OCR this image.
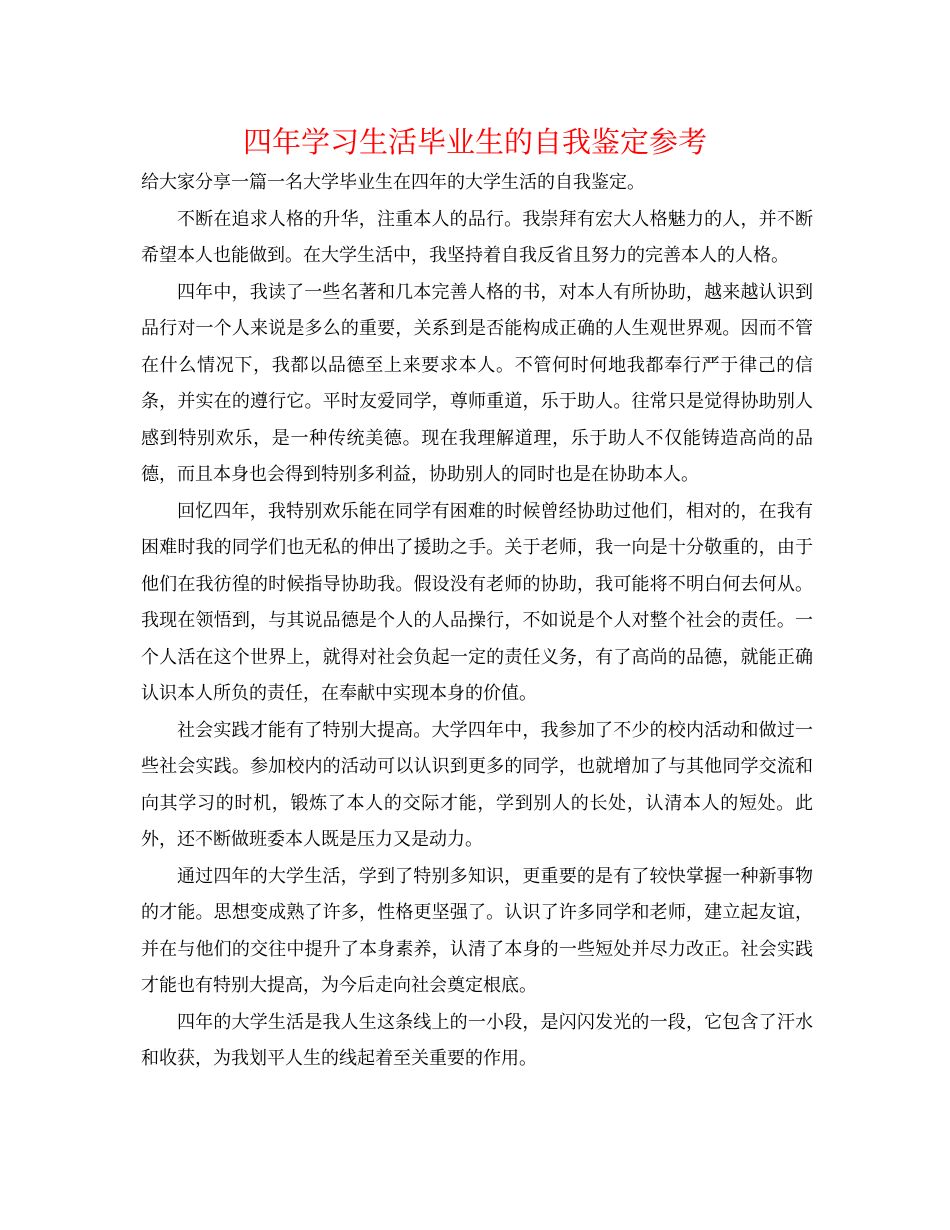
四年学习生活毕业生的自我鉴定参考

给大家分享一篇一名大学毕业生在四年的大学生活的自我鉴定。

不断在追求人格的升华，注重本人的品行。我崇拜有宏大人格魅力的人，并不断希望本人也能做到。在大学生活中，我坚持着自我反省且努力的完善本人的人格。

四年中，我读了一些名著和几本完善人格的书，对本人有所协助，越来越认识到品行对一个人来说是多么的重要，关系到是否能构成正确的人生观世界观。因而不管在什么情况下，我都以品德至上来要求本人。不管何时何地我都奉行严于律己的信条，并实在的遵行它。平时友爱同学，尊师重道，乐于助人。往常只是觉得协助别人感到特别欢乐，是一种传统美德。现在我理解道理，乐于助人不仅能铸造高尚的品德，而且本身也会得到特别多利益，协助别人的同时也是在协助本人。

回忆四年，我特别欢乐能在同学有困难的时候曾经协助过他们，相对的，在我有困难时我的同学们也无私的伸出了援助之手。关于老师，我一向是十分敬重的，由于他们在我彷徨的时候指导协助我。假设没有老师的协助，我可能将不明白何去何从。我现在领悟到，与其说品德是个人的人品操行，不如说是个人对整个社会的责任。一个人活在这个世界上，就得对社会负起一定的责任义务，有了高尚的品德，就能正确认识本人所负的责任，在奉献中实现本身的价值。

社会实践才能有了特别大提高。大学四年中，我参加了不少的校内活动和做过一些社会实践。参加校内的活动可以认识到更多的同学，也就增加了与其他同学交流和向其学习的时机，锻炼了本人的交际才能，学到别人的长处，认清本人的短处。此外，还不断做班委本人既是压力又是动力。

通过四年的大学生活，学到了特别多知识，更重要的是有了较快掌握一种新事物的才能。思想变成熟了许多，性格更坚强了。认识了许多同学和老师，建立起友谊，并在与他们的交往中提升了本身素养，认清了本身的一些短处并尽力改正。社会实践才能也有特别大提高，为今后走向社会奠定根底。

四年的大学生活是我人生这条线上的一小段，是闪闪发光的一段，它包含了汗水和收获，为我划平人生的线起着至关重要的作用。
